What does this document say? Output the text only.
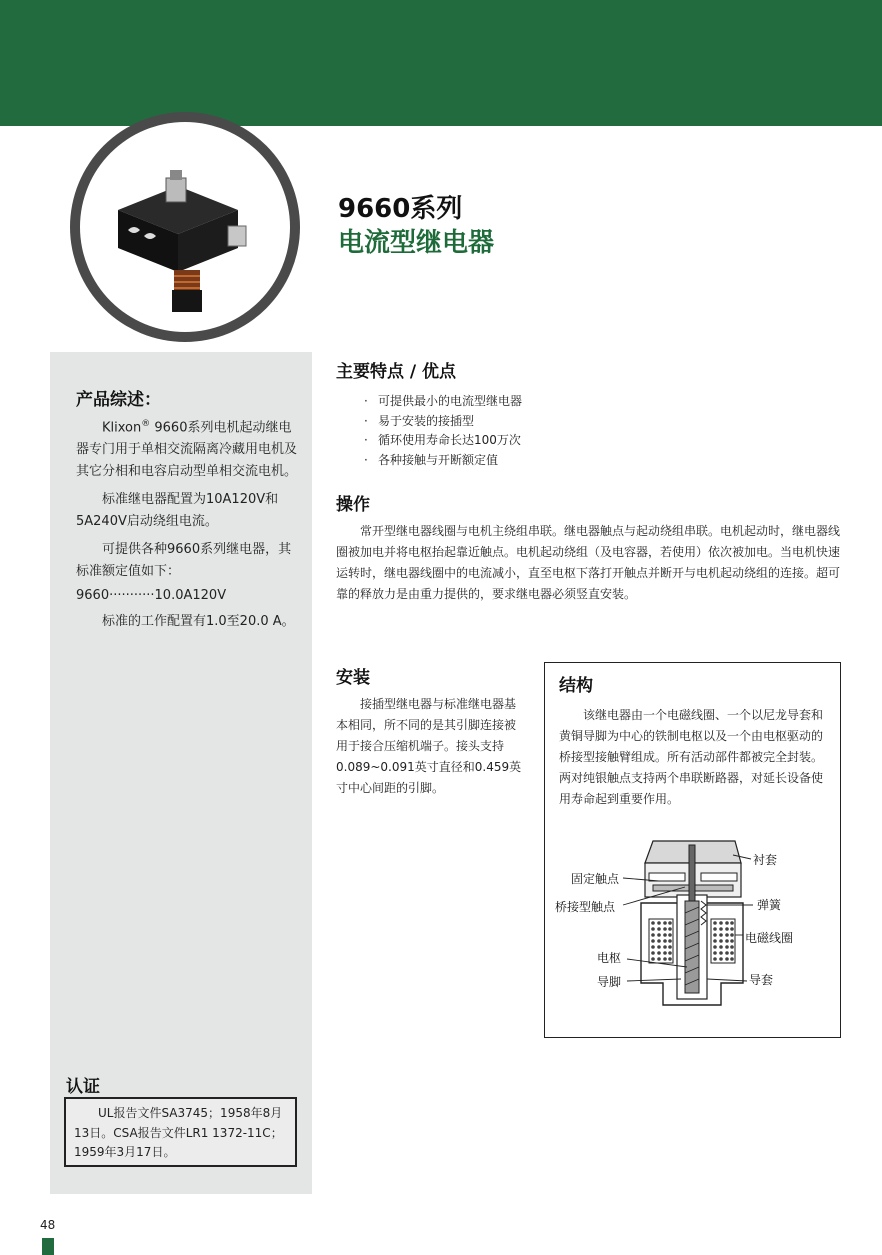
9660系列
电流型继电器
产品综述：

Klixon® 9660系列电机起动继电器专门用于单相交流隔离冷藏用电机及其它分相和电容启动型单相交流电机。

标准继电器配置为10A120V和5A240V启动绕组电流。

可提供各种9660系列继电器，其标准额定值如下：

9660···········10.0A120V

标准的工作配置有1.0至20.0 A。

认证
UL报告文件SA3745；1958年8月13日。CSA报告文件LR1 1372-11C；1959年3月17日。
主要特点 / 优点
· 可提供最小的电流型继电器
· 易于安装的接插型
· 循环使用寿命长达100万次
· 各种接触与开断额定值
操作

常开型继电器线圈与电机主绕组串联。继电器触点与起动绕组串联。电机起动时，继电器线圈被加电并将电枢抬起靠近触点。电机起动绕组（及电容器，若使用）依次被加电。当电机快速运转时，继电器线圈中的电流减小，直至电枢下落打开触点并断开与电机起动绕组的连接。超可靠的释放力是由重力提供的，要求继电器必须竖直安装。

安装

接插型继电器与标准继电器基本相同，所不同的是其引脚连接被用于接合压缩机端子。接头支持0.089~0.091英寸直径和0.459英寸中心间距的引脚。

结构

该继电器由一个电磁线圈、一个以尼龙导套和黄铜导脚为中心的铁制电枢以及一个由电枢驱动的桥接型接触臂组成。所有活动部件都被完全封装。两对纯银触点支持两个串联断路器，对延长设备使用寿命起到重要作用。

衬套
固定触点
桥接型触点	弹簧
电磁线圈
电枢
导脚	导套
48
